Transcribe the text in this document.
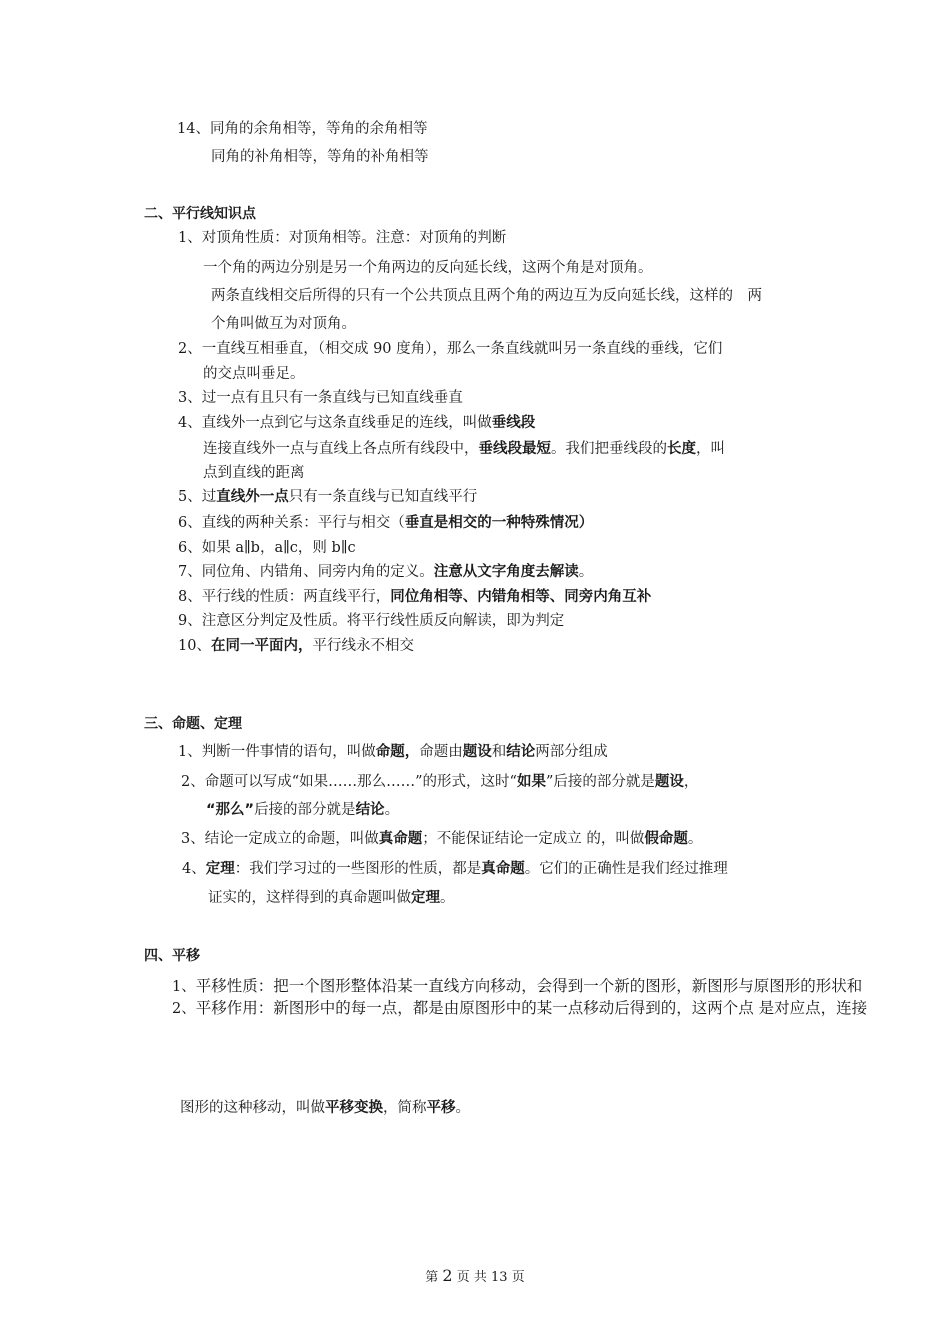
14、同角的余角相等，等角的余角相等
同角的补角相等，等角的补角相等
二、平行线知识点
1、对顶角性质：对顶角相等。注意：对顶角的判断
一个角的两边分别是另一个角两边的反向延长线，这两个角是对顶角。
两条直线相交后所得的只有一个公共顶点且两个角的两边互为反向延长线，这样的　两
个角叫做互为对顶角。
2、一直线互相垂直，（相交成 90 度角），那么一条直线就叫另一条直线的垂线，它们
的交点叫垂足。
3、过一点有且只有一条直线与已知直线垂直
4、直线外一点到它与这条直线垂足的连线，叫做垂线段
连接直线外一点与直线上各点所有线段中，垂线段最短。我们把垂线段的长度，叫
点到直线的距离
5、过直线外一点只有一条直线与已知直线平行
6、直线的两种关系：平行与相交（垂直是相交的一种特殊情况）
6、如果 a∥b，a∥c，则 b∥c
7、同位角、内错角、同旁内角的定义。注意从文字角度去解读。
8、平行线的性质：两直线平行，同位角相等、内错角相等、同旁内角互补
9、注意区分判定及性质。将平行线性质反向解读，即为判定
10、在同一平面内，平行线永不相交
三、命题、定理
1、判断一件事情的语句，叫做命题，命题由题设和结论两部分组成
2、命题可以写成“如果……那么……”的形式，这时“如果”后接的部分就是题设，
“那么”后接的部分就是结论。
3、结论一定成立的命题，叫做真命题；不能保证结论一定成立 的，叫做假命题。
4、定理：我们学习过的一些图形的性质，都是真命题。它们的正确性是我们经过推理
证实的，这样得到的真命题叫做定理。
四、平移
1、平移性质：把一个图形整体沿某一直线方向移动，会得到一个新的图形，新图形与原图形的形状和
2、平移作用：新图形中的每一点，都是由原图形中的某一点移动后得到的，这两个点 是对应点，连接
图形的这种移动，叫做平移变换，简称平移。
第 2 页 共 13 页
